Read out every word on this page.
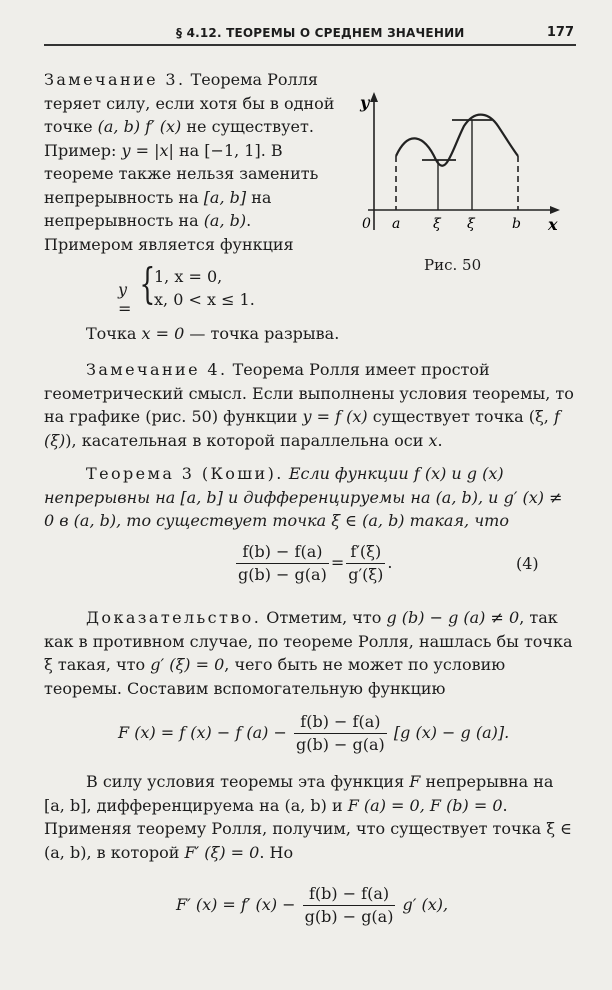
§ 4.12. ТЕОРЕМЫ О СРЕДНЕМ ЗНАЧЕНИИ	177

Замечание 3. Теорема Ролля теряет силу, если хотя бы в одной точке (a, b) f′ (x) не существует. Пример: y = |x| на [−1, 1]. В теореме также нельзя заменить непрерывность на [a, b] на непрерывность на (a, b). Примером является функция

y
x
0 a ξ ξ	b
Рис. 50
y =
{
1, x = 0,
x, 0 < x ≤ 1.

Точка x = 0 — точка разрыва.

Замечание 4. Теорема Ролля имеет простой геометрический смысл. Если выполнены условия теоремы, то на графике (рис. 50) функции y = f (x) существует точка (ξ, f (ξ)), касательная в которой параллельна оси x.

Теорема 3 (Коши). Если функции f (x) и g (x) непрерывны на [a, b] и дифференцируемы на (a, b), и g′ (x) ≠ 0 в (a, b), то существует точка ξ ∈ (a, b) такая, что

$\frac{f(b) - f(a)}{g(b) - g(a)} = \frac{f'(\xi)}{g'(\xi)}$ .	(4)

Доказательство. Отметим, что g (b) − g (a) ≠ 0, так как в противном случае, по теореме Ролля, нашлась бы точка ξ такая, что g′ (ξ) = 0, чего быть не может по условию теоремы. Составим вспомогательную функцию

F (x) = f (x) − f $(a) - \frac{f(b) - f(a)}{g(b) - g(a)} [g$ (x) − g (a)].

В силу условия теоремы эта функция F непрерывна на [a, b], дифференцируема на (a, b) и F (a) = 0, F (b) = 0. Применяя теорему Ролля, получим, что существует точка ξ ∈ (a, b), в которой F′ (ξ) = 0. Но

F′ (x) = f′ $(x) - \frac{f(b) - f(a)}{g(b) - g(a)} g'$ (x),
